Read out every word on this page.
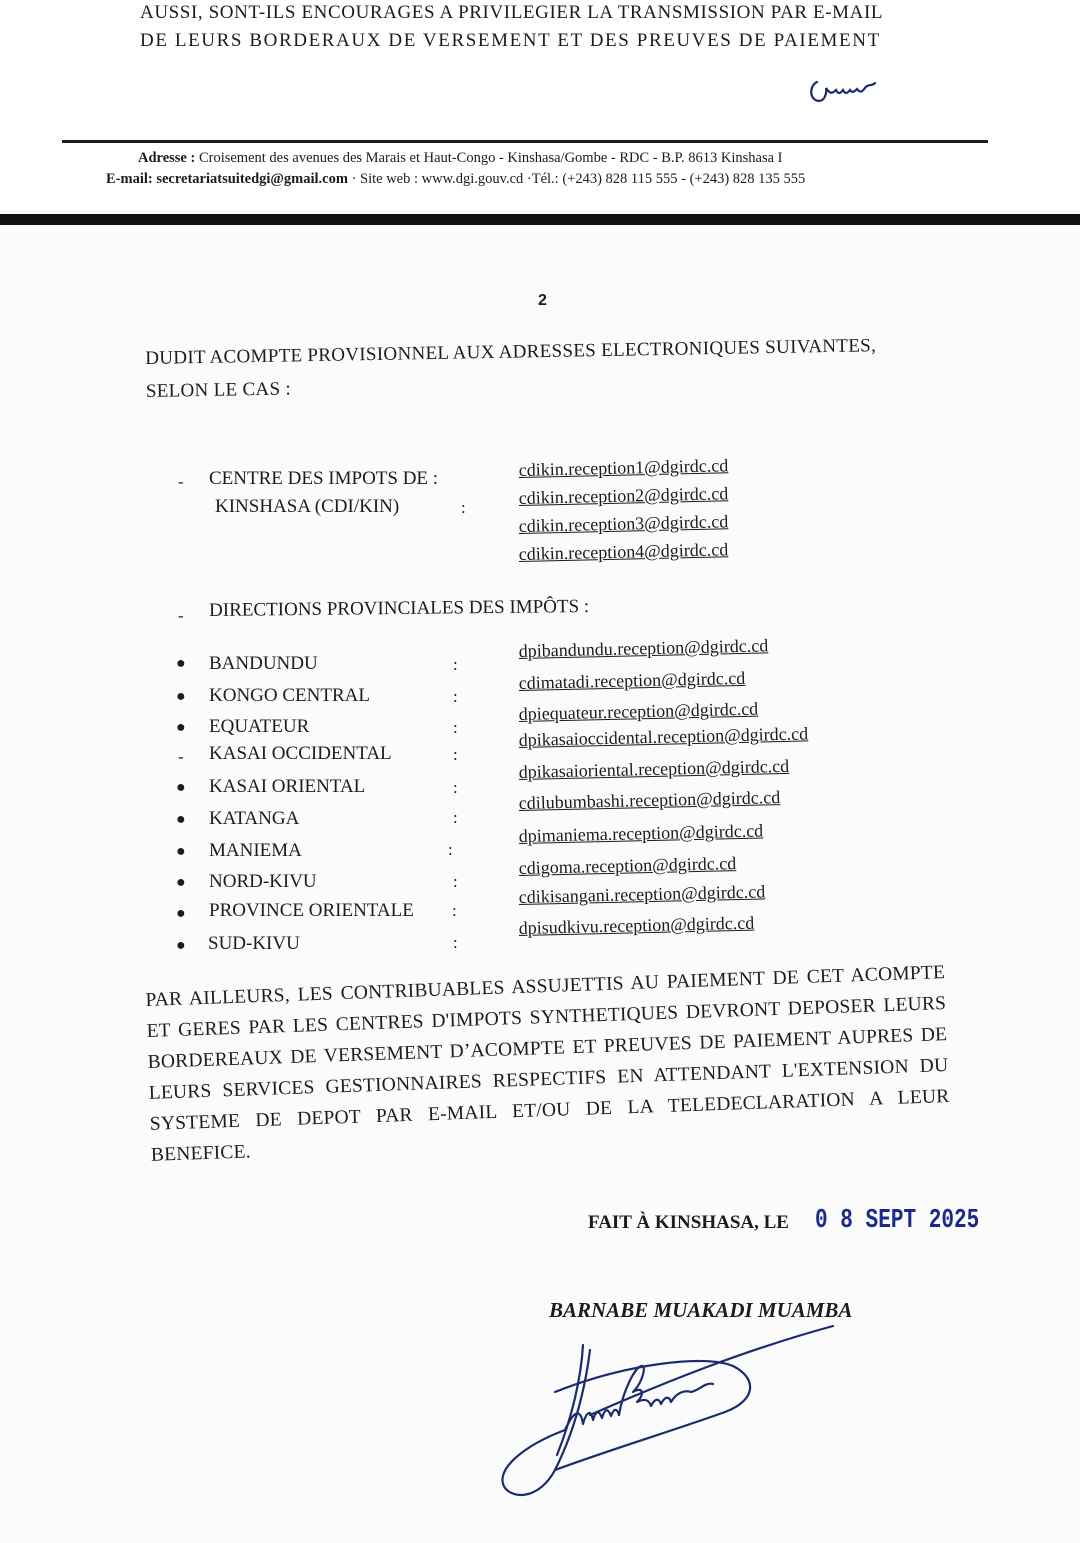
AUSSI, SONT-ILS ENCOURAGES A PRIVILEGIER LA TRANSMISSION PAR E-MAIL
DE LEURS BORDERAUX DE VERSEMENT ET DES PREUVES DE PAIEMENT
Adresse : Croisement des avenues des Marais et Haut-Congo - Kinshasa/Gombe - RDC - B.P. 8613 Kinshasa I
E-mail: secretariatsuitedgi@gmail.com · Site web : www.dgi.gouv.cd ·Tél.: (+243) 828 115 555 - (+243) 828 135 555
2
DUDIT ACOMPTE PROVISIONNEL AUX ADRESSES ELECTRONIQUES SUIVANTES,
SELON LE CAS :
- CENTRE DES IMPOTS DE :
KINSHASA (CDI/KIN)	:
cdikin.reception1@dgirdc.cd
cdikin.reception2@dgirdc.cd
cdikin.reception3@dgirdc.cd
cdikin.reception4@dgirdc.cd
- DIRECTIONS PROVINCIALES DES IMPÔTS :
● BANDUNDU	:
dpibandundu.reception@dgirdc.cd
● KONGO CENTRAL	:
cdimatadi.reception@dgirdc.cd
● EQUATEUR	:
dpiequateur.reception@dgirdc.cd
- KASAI OCCIDENTAL	:
dpikasaioccidental.reception@dgirdc.cd
● KASAI ORIENTAL	:
dpikasaioriental.reception@dgirdc.cd
● KATANGA	:
cdilubumbashi.reception@dgirdc.cd
● MANIEMA	:
dpimaniema.reception@dgirdc.cd
● NORD-KIVU	:
cdigoma.reception@dgirdc.cd
● PROVINCE ORIENTALE :
cdikisangani.reception@dgirdc.cd
● SUD-KIVU	:
dpisudkivu.reception@dgirdc.cd
PAR AILLEURS, LES CONTRIBUABLES ASSUJETTIS AU PAIEMENT DE CET ACOMPTE ET GERES PAR LES CENTRES D'IMPOTS SYNTHETIQUES DEVRONT DEPOSER LEURS BORDEREAUX DE VERSEMENT D’ACOMPTE ET PREUVES DE PAIEMENT AUPRES DE LEURS SERVICES GESTIONNAIRES RESPECTIFS EN ATTENDANT L'EXTENSION DU SYSTEME DE DEPOT PAR E-MAIL ET/OU DE LA TELEDECLARATION A LEUR BENEFICE.
FAIT À KINSHASA, LE 0 8 SEPT 2025
BARNABE MUAKADI MUAMBA
